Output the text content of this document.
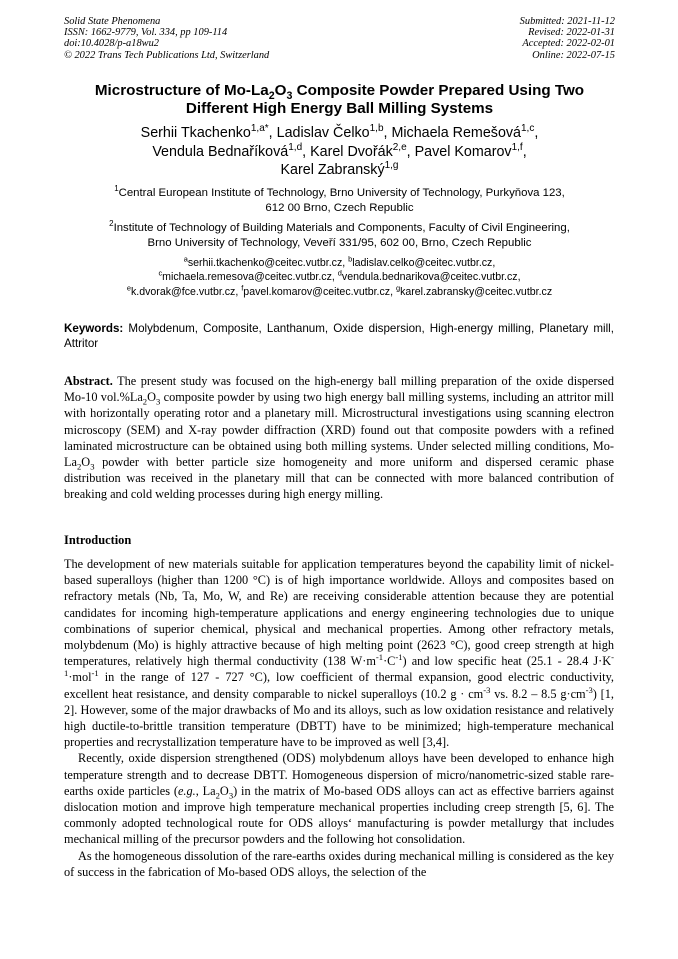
Solid State Phenomena
ISSN: 1662-9779, Vol. 334, pp 109-114
doi:10.4028/p-a18wu2
© 2022 Trans Tech Publications Ltd, Switzerland
Submitted: 2021-11-12
Revised: 2022-01-31
Accepted: 2022-02-01
Online: 2022-07-15
Microstructure of $Mo-La_2O_3$ Composite Powder Prepared Using Two
Different High Energy Ball Milling Systems
Serhii Tkachenko$^{1,a*}$, Ladislav Čelko$^{1,b}$, Michaela Remešová$^{1,c}$,
Vendula Bednaříková$^{1,d}$, Karel Dvořák$^{2,e}$, Pavel Komarov$^{1,f}$,
Karel Zabranský$^{1,g}$
$^1$Central European Institute of Technology, Brno University of Technology, Purkyňova 123,
612 00 Brno, Czech Republic
$^2$Institute of Technology of Building Materials and Components, Faculty of Civil Engineering,
Brno University of Technology, Veveří 331/95, 602 00, Brno, Czech Republic
$^a$serhii.tkachenko@ceitec.vutbr.cz, $^b$ladislav.celko@ceitec.vutbr.cz,
$^c$michaela.remesova@ceitec.vutbr.cz, $^d$vendula.bednarikova@ceitec.vutbr.cz,
$^e$k.dvorak@fce.vutbr.cz, $^f$pavel.komarov@ceitec.vutbr.cz, $^g$karel.zabransky@ceitec.vutbr.cz
Keywords: Molybdenum, Composite, Lanthanum, Oxide dispersion, High-energy milling, Planetary mill, Attritor
Abstract. The present study was focused on the high-energy ball milling preparation of the oxide dispersed Mo-10 $vol.\%La_2O_3$ composite powder by using two high energy ball milling systems, including an attritor mill with horizontally operating rotor and a planetary mill. Microstructural investigations using scanning electron microscopy (SEM) and X-ray powder diffraction (XRD) found out that composite powders with a refined laminated microstructure can be obtained using both milling systems. Under selected milling conditions, $Mo-La_2O_3$ powder with better particle size homogeneity and more uniform and dispersed ceramic phase distribution was received in the planetary mill that can be connected with more balanced contribution of breaking and cold welding processes during high energy milling.
Introduction

The development of new materials suitable for application temperatures beyond the capability limit of nickel-based superalloys (higher than 1200 °C) is of high importance worldwide. Alloys and composites based on refractory metals (Nb, Ta, Mo, W, and Re) are receiving considerable attention because they are potential candidates for incoming high-temperature applications and energy engineering technologies due to unique combinations of superior chemical, physical and mechanical properties. Among other refractory metals, molybdenum (Mo) is highly attractive because of high melting point (2623 °C), good creep strength at high temperatures, relatively high thermal conductivity (138 $W\cdot m^{-1}\cdot C^{-1}$) and low specific heat (25.1 - 28.4 $J\cdot K^{-1}\cdot mol^{-1}$ in the range of 127 - 727 °C), low coefficient of thermal expansion, good electric conductivity, excellent heat resistance, and density comparable to nickel superalloys (10.2 $g \cdot cm^{-3}$ vs. 8.2 – 8.5 $g\cdot cm^{-3}$) [1, 2]. However, some of the major drawbacks of Mo and its alloys, such as low oxidation resistance and relatively high ductile-to-brittle transition temperature (DBTT) have to be minimized; high-temperature mechanical properties and recrystallization temperature have to be improved as well [3,4].

Recently, oxide dispersion strengthened (ODS) molybdenum alloys have been developed to enhance high temperature strength and to decrease DBTT. Homogeneous dispersion of micro/nanometric-sized stable rare-earths oxide particles (e.g., $La_2O_3$) in the matrix of Mo-based ODS alloys can act as effective barriers against dislocation motion and improve high temperature mechanical properties including creep strength [5, 6]. The commonly adopted technological route for ODS alloys‘ manufacturing is powder metallurgy that includes mechanical milling of the precursor powders and the following hot consolidation.

As the homogeneous dissolution of the rare-earths oxides during mechanical milling is considered as the key of success in the fabrication of Mo-based ODS alloys, the selection of the
